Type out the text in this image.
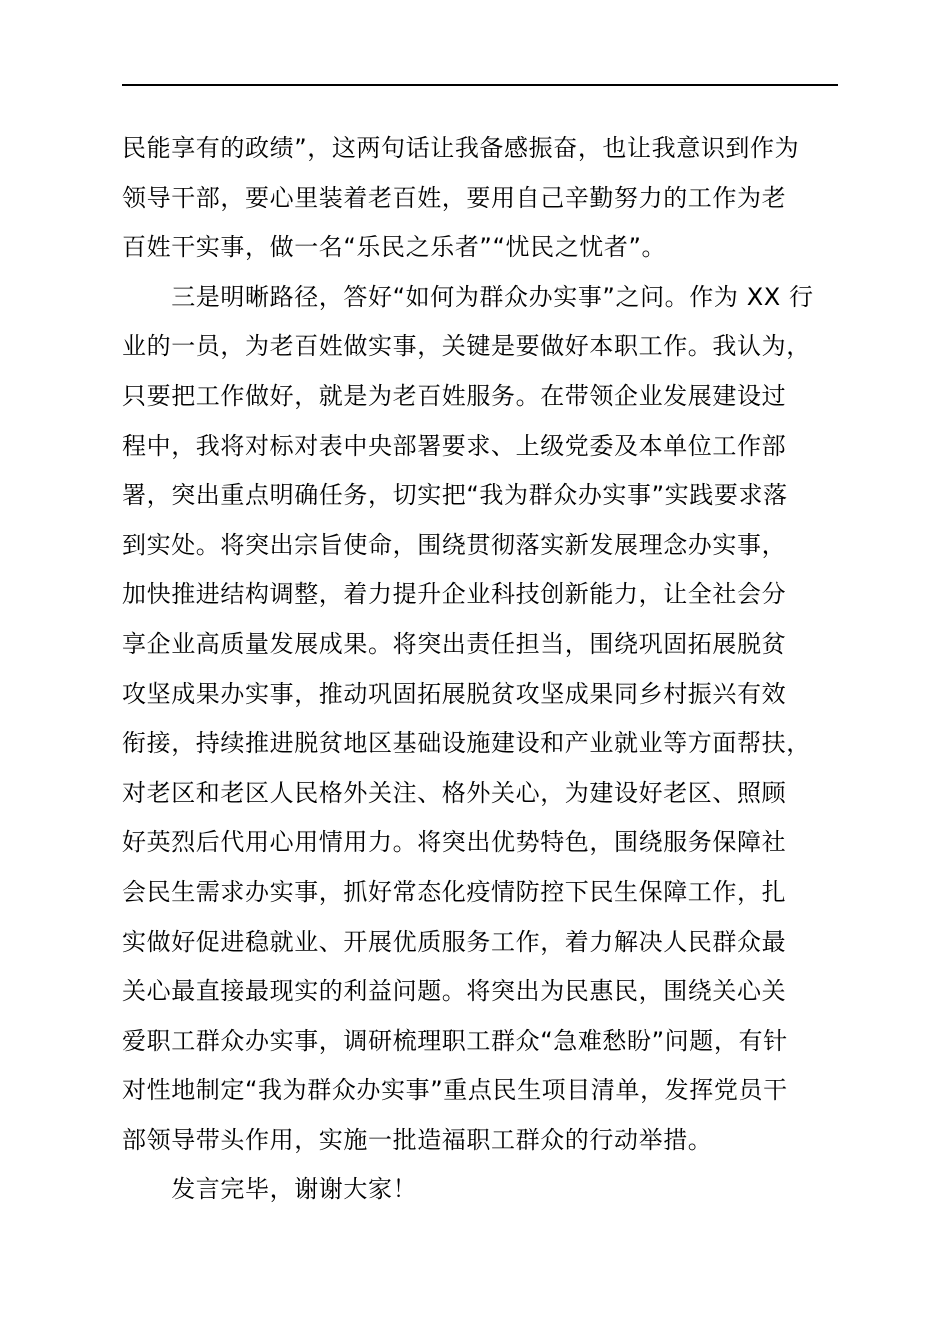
民能享有的政绩”，这两句话让我备感振奋，也让我意识到作为
领导干部，要心里装着老百姓，要用自己辛勤努力的工作为老
百姓干实事，做一名“乐民之乐者”“忧民之忧者”。
　　三是明晰路径，答好“如何为群众办实事”之问。作为 XX 行
业的一员，为老百姓做实事，关键是要做好本职工作。我认为，
只要把工作做好，就是为老百姓服务。在带领企业发展建设过
程中，我将对标对表中央部署要求、上级党委及本单位工作部
署，突出重点明确任务，切实把“我为群众办实事”实践要求落
到实处。将突出宗旨使命，围绕贯彻落实新发展理念办实事，
加快推进结构调整，着力提升企业科技创新能力，让全社会分
享企业高质量发展成果。将突出责任担当，围绕巩固拓展脱贫
攻坚成果办实事，推动巩固拓展脱贫攻坚成果同乡村振兴有效
衔接，持续推进脱贫地区基础设施建设和产业就业等方面帮扶，
对老区和老区人民格外关注、格外关心，为建设好老区、照顾
好英烈后代用心用情用力。将突出优势特色，围绕服务保障社
会民生需求办实事，抓好常态化疫情防控下民生保障工作，扎
实做好促进稳就业、开展优质服务工作，着力解决人民群众最
关心最直接最现实的利益问题。将突出为民惠民，围绕关心关
爱职工群众办实事，调研梳理职工群众“急难愁盼”问题，有针
对性地制定“我为群众办实事”重点民生项目清单，发挥党员干
部领导带头作用，实施一批造福职工群众的行动举措。
　　发言完毕，谢谢大家！
